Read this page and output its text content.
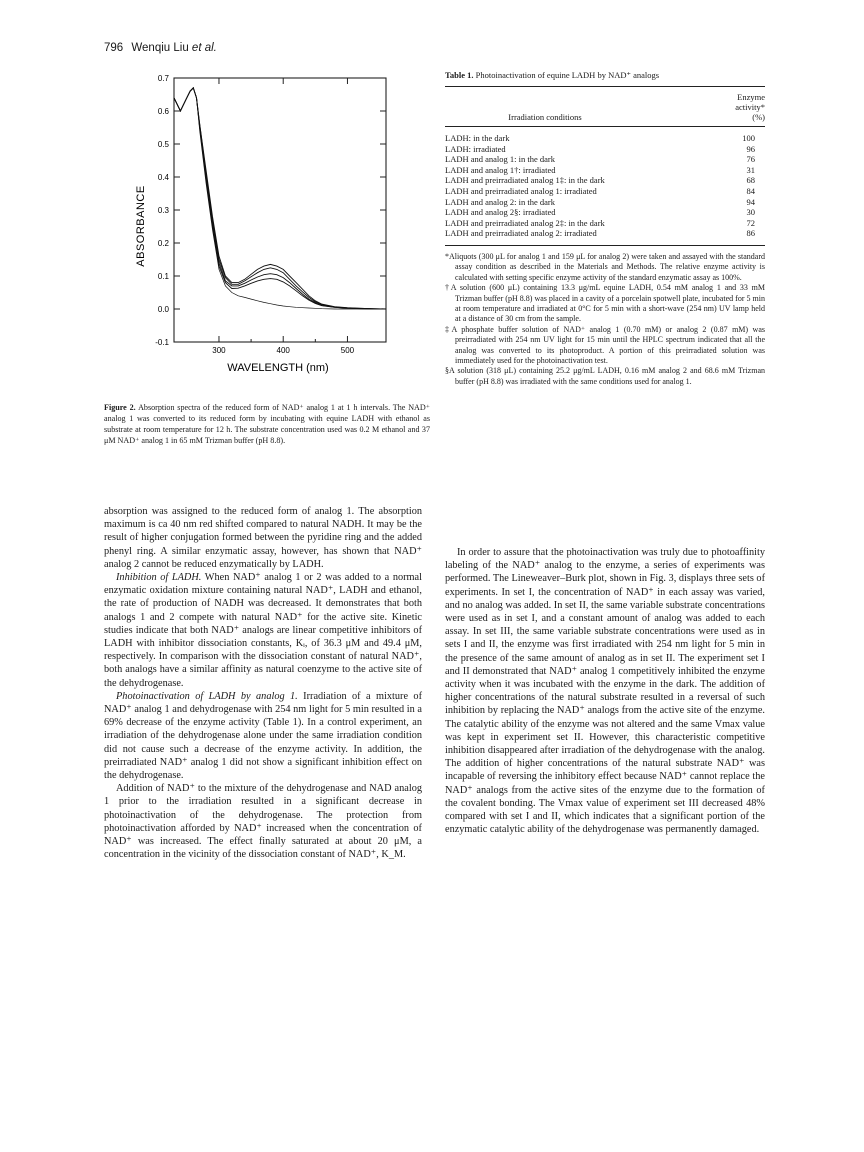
796 Wenqiu Liu et al.
0.7
0.6
0.5
0.4
0.3
0.2
0.1
0.0
-0.1
300	400	500
ABSORBANCE
WAVELENGTH (nm)
Figure 2. Absorption spectra of the reduced form of NAD⁺ analog 1 at 1 h intervals. The NAD⁺ analog 1 was converted to its reduced form by incubating with equine LADH with ethanol as substrate at room temperature for 12 h. The substrate concentration used was 0.2 M ethanol and 37 μM NAD⁺ analog 1 in 65 mM Trizman buffer (pH 8.8).
Table 1. Photoinactivation of equine LADH by NAD⁺ analogs
Irradiation conditions	Enzyme
activity*
(%)
LADH: in the dark	100
LADH: irradiated	96
LADH and analog 1: in the dark	76
LADH and analog 1†: irradiated	31
LADH and preirradiated analog 1‡: in the dark	68
LADH and preirradiated analog 1: irradiated	84
LADH and analog 2: in the dark	94
LADH and analog 2§: irradiated	30
LADH and preirradiated analog 2‡: in the dark	72
LADH and preirradiated analog 2: irradiated	86

*Aliquots (300 μL for analog 1 and 159 μL for analog 2) were taken and assayed with the standard assay condition as described in the Materials and Methods. The relative enzyme activity is calculated with setting specific enzyme activity of the standard enzymatic assay as 100%.

†A solution (600 μL) containing 13.3 μg/mL equine LADH, 0.54 mM analog 1 and 33 mM Trizman buffer (pH 8.8) was placed in a cavity of a porcelain spotwell plate, incubated for 5 min at room temperature and irradiated at 0°C for 5 min with a short-wave (254 nm) UV lamp held at a distance of 30 cm from the sample.

‡A phosphate buffer solution of NAD⁺ analog 1 (0.70 mM) or analog 2 (0.87 mM) was preirradiated with 254 nm UV light for 15 min until the HPLC spectrum indicated that all the analog was converted to its photoproduct. A portion of this preirradiated solution was immediately used for the photoinactivation test.

§A solution (318 μL) containing 25.2 μg/mL LADH, 0.16 mM analog 2 and 68.6 mM Trizman buffer (pH 8.8) was irradiated with the same conditions used for analog 1.

absorption was assigned to the reduced form of analog 1. The absorption maximum is ca 40 nm red shifted compared to natural NADH. It may be the result of higher conjugation formed between the pyridine ring and the added phenyl ring. A similar enzymatic assay, however, has shown that NAD⁺ analog 2 cannot be reduced enzymatically by LADH.

Inhibition of LADH. When NAD⁺ analog 1 or 2 was added to a normal enzymatic oxidation mixture containing natural NAD⁺, LADH and ethanol, the rate of production of NADH was decreased. It demonstrates that both analogs 1 and 2 compete with natural NAD⁺ for the active site. Kinetic studies indicate that both NAD⁺ analogs are linear competitive inhibitors of LADH with inhibitor dissociation constants, Kᵢ, of 36.3 μM and 49.4 μM, respectively. In comparison with the dissociation constant of natural NAD⁺, both analogs have a similar affinity as natural coenzyme to the active site of the dehydrogenase.

Photoinactivation of LADH by analog 1. Irradiation of a mixture of NAD⁺ analog 1 and dehydrogenase with 254 nm light for 5 min resulted in a 69% decrease of the enzyme activity (Table 1). In a control experiment, an irradiation of the dehydrogenase alone under the same irradiation condition did not cause such a decrease of the enzyme activity. In addition, the preirradiated NAD⁺ analog 1 did not show a significant inhibition effect on the dehydrogenase.

Addition of NAD⁺ to the mixture of the dehydrogenase and NAD analog 1 prior to the irradiation resulted in a significant decrease in photoinactivation of the dehydrogenase. The protection from photoinactivation afforded by NAD⁺ increased when the concentration of NAD⁺ was increased. The effect finally saturated at about 20 μM, a concentration in the vicinity of the dissociation constant of NAD⁺, K_M.

In order to assure that the photoinactivation was truly due to photoaffinity labeling of the NAD⁺ analog to the enzyme, a series of experiments was performed. The Lineweaver–Burk plot, shown in Fig. 3, displays three sets of experiments. In set I, the concentration of NAD⁺ in each assay was varied, and no analog was added. In set II, the same variable substrate concentrations were used as in set I, and a constant amount of analog was added to each assay. In set III, the same variable substrate concentrations were used as in sets I and II, the enzyme was first irradiated with 254 nm light for 5 min in the presence of the same amount of analog as in set II. The experiment set I and II demonstrated that NAD⁺ analog 1 competitively inhibited the enzyme activity when it was incubated with the enzyme in the dark. The addition of higher concentrations of the natural substrate resulted in a reversal of such inhibition by replacing the NAD⁺ analogs from the active site of the enzyme. The catalytic ability of the enzyme was not altered and the same Vmax value was kept in experiment set II. However, this characteristic competitive inhibition disappeared after irradiation of the dehydrogenase with the analog. The addition of higher concentrations of the natural substrate NAD⁺ was incapable of reversing the inhibitory effect because NAD⁺ cannot replace the NAD⁺ analogs from the active sites of the enzyme due to the formation of the covalent bonding. The Vmax value of experiment set III decreased 48% compared with set I and II, which indicates that a significant portion of the enzymatic catalytic ability of the dehydrogenase was permanently damaged.
